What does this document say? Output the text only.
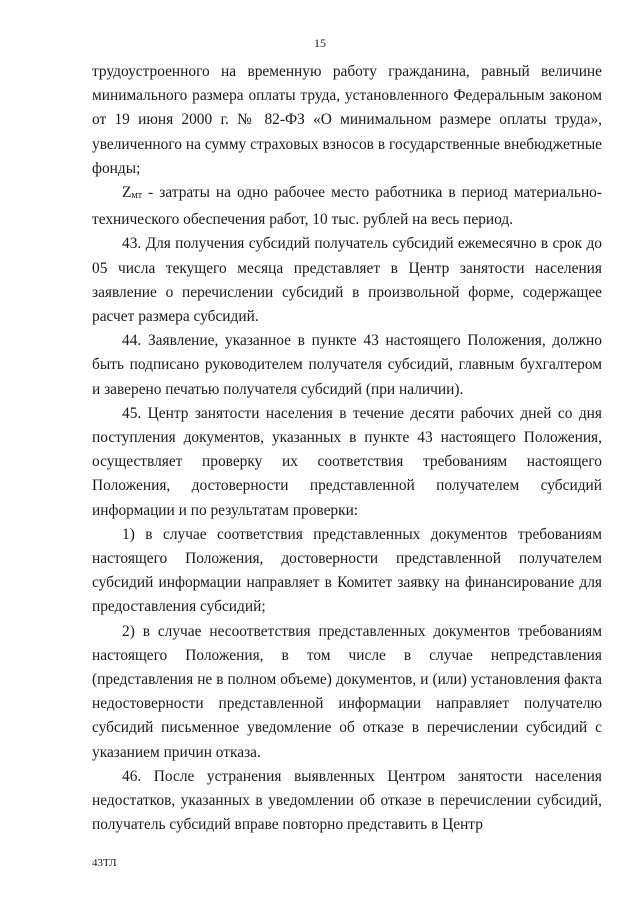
15

трудоустроенного на временную работу гражданина, равный величине минимального размера оплаты труда, установленного Федеральным законом от 19 июня 2000 г. № 82-ФЗ «О минимальном размере оплаты труда», увеличенного на сумму страховых взносов в государственные внебюджетные фонды;

$Z_{мт}$ - затраты на одно рабочее место работника в период материально-технического обеспечения работ, 10 тыс. рублей на весь период.

43. Для получения субсидий получатель субсидий ежемесячно в срок до 05 числа текущего месяца представляет в Центр занятости населения заявление о перечислении субсидий в произвольной форме, содержащее расчет размера субсидий.

44. Заявление, указанное в пункте 43 настоящего Положения, должно быть подписано руководителем получателя субсидий, главным бухгалтером и заверено печатью получателя субсидий (при наличии).

45. Центр занятости населения в течение десяти рабочих дней со дня поступления документов, указанных в пункте 43 настоящего Положения, осуществляет проверку их соответствия требованиям настоящего Положения, достоверности представленной получателем субсидий информации и по результатам проверки:

1) в случае соответствия представленных документов требованиям настоящего Положения, достоверности представленной получателем субсидий информации направляет в Комитет заявку на финансирование для предоставления субсидий;

2) в случае несоответствия представленных документов требованиям настоящего Положения, в том числе в случае непредставления (представления не в полном объеме) документов, и (или) установления факта недостоверности представленной информации направляет получателю субсидий письменное уведомление об отказе в перечислении субсидий с указанием причин отказа.

46. После устранения выявленных Центром занятости населения недостатков, указанных в уведомлении об отказе в перечислении субсидий, получатель субсидий вправе повторно представить в Центр

43ТЛ
